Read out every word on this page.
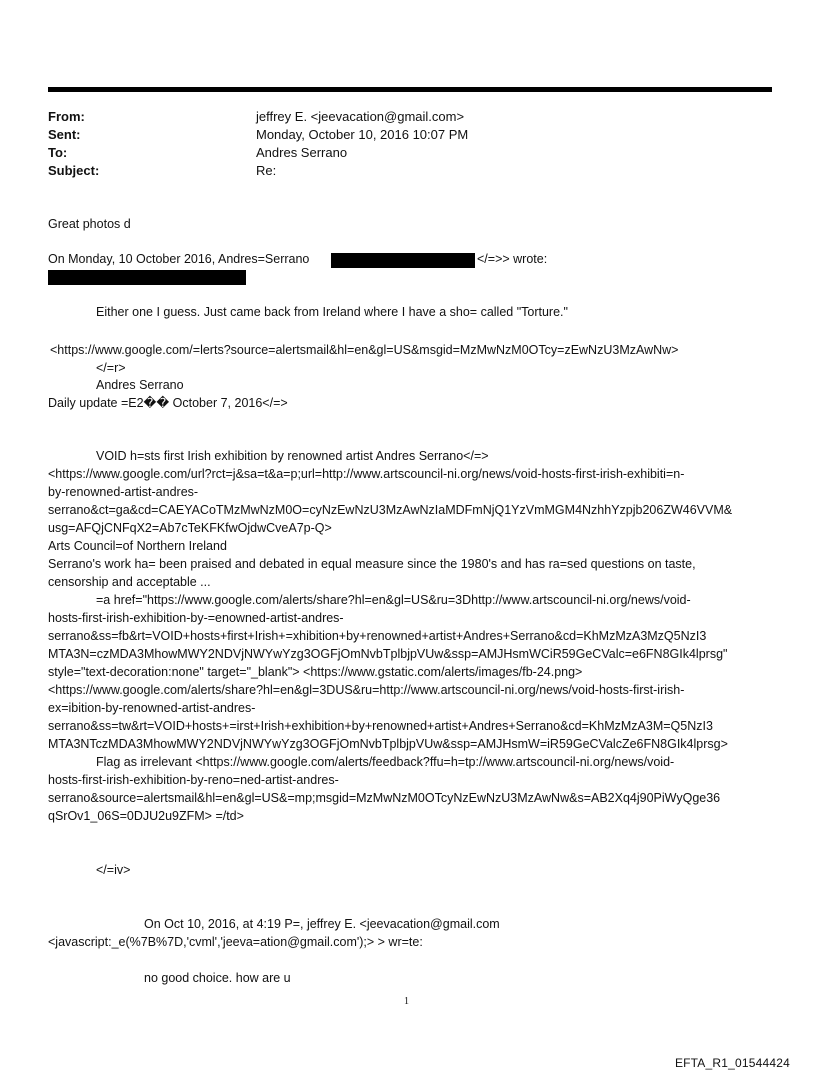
From:	jeffrey E. <jeevacation@gmail.com>
Sent:	Monday, October 10, 2016 10:07 PM
To:	Andres Serrano
Subject:	Re:
Great photos d
On Monday, 10 October 2016, Andres=Serrano	</=>> wrote:
Either one I guess. Just came back from Ireland where I have a sho= called "Torture."
<https://www.google.com/=lerts?source=alertsmail&hl=en&gl=US&msgid=MzMwNzM0OTcy=zEwNzU3MzAwNw>
</=r>
Andres Serrano
Daily update =E2�� October 7, 2016</=>
VOID h=sts first Irish exhibition by renowned artist Andres Serrano</=>
<https://www.google.com/url?rct=j&sa=t&a=p;url=http://www.artscouncil-ni.org/news/void-hosts-first-irish-exhibiti=n-
by-renowned-artist-andres-
serrano&ct=ga&cd=CAEYACoTMzMwNzM0O=cyNzEwNzU3MzAwNzIaMDFmNjQ1YzVmMGM4NzhhYzpjb206ZW46VVM&
usg=AFQjCNFqX2=Ab7cTeKFKfwOjdwCveA7p-Q>
Arts Council=of Northern Ireland
Serrano's work ha= been praised and debated in equal measure since the 1980's and has ra=sed questions on taste,
censorship and acceptable ...
=a href="https://www.google.com/alerts/share?hl=en&gl=US&ru=3Dhttp://www.artscouncil-ni.org/news/void-
hosts-first-irish-exhibition-by-=enowned-artist-andres-
serrano&ss=fb&rt=VOID+hosts+first+Irish+=xhibition+by+renowned+artist+Andres+Serrano&cd=KhMzMzA3MzQ5NzI3
MTA3N=czMDA3MhowMWY2NDVjNWYwYzg3OGFjOmNvbTplbjpVUw&ssp=AMJHsmWCiR59GeCValc=e6FN8GIk4lprsg"
style="text-decoration:none" target="_blank"> <https://www.gstatic.com/alerts/images/fb-24.png>
<https://www.google.com/alerts/share?hl=en&gl=3DUS&ru=http://www.artscouncil-ni.org/news/void-hosts-first-irish-
ex=ibition-by-renowned-artist-andres-
serrano&ss=tw&rt=VOID+hosts+=irst+Irish+exhibition+by+renowned+artist+Andres+Serrano&cd=KhMzMzA3M=Q5NzI3
MTA3NTczMDA3MhowMWY2NDVjNWYwYzg3OGFjOmNvbTplbjpVUw&ssp=AMJHsmW=iR59GeCValcZe6FN8GIk4lprsg>
Flag as irrelevant <https://www.google.com/alerts/feedback?ffu=h=tp://www.artscouncil-ni.org/news/void-
hosts-first-irish-exhibition-by-reno=ned-artist-andres-
serrano&source=alertsmail&hl=en&gl=US&=mp;msgid=MzMwNzM0OTcyNzEwNzU3MzAwNw&s=AB2Xq4j90PiWyQge36
qSrOv1_06S=0DJU2u9ZFM> =/td>
</=iv>
On Oct 10, 2016, at 4:19 P=, jeffrey E. <jeevacation@gmail.com
<javascript:_e(%7B%7D,'cvml','jeeva=ation@gmail.com');> > wr=te:
no good choice. how are u
1
EFTA_R1_01544424
